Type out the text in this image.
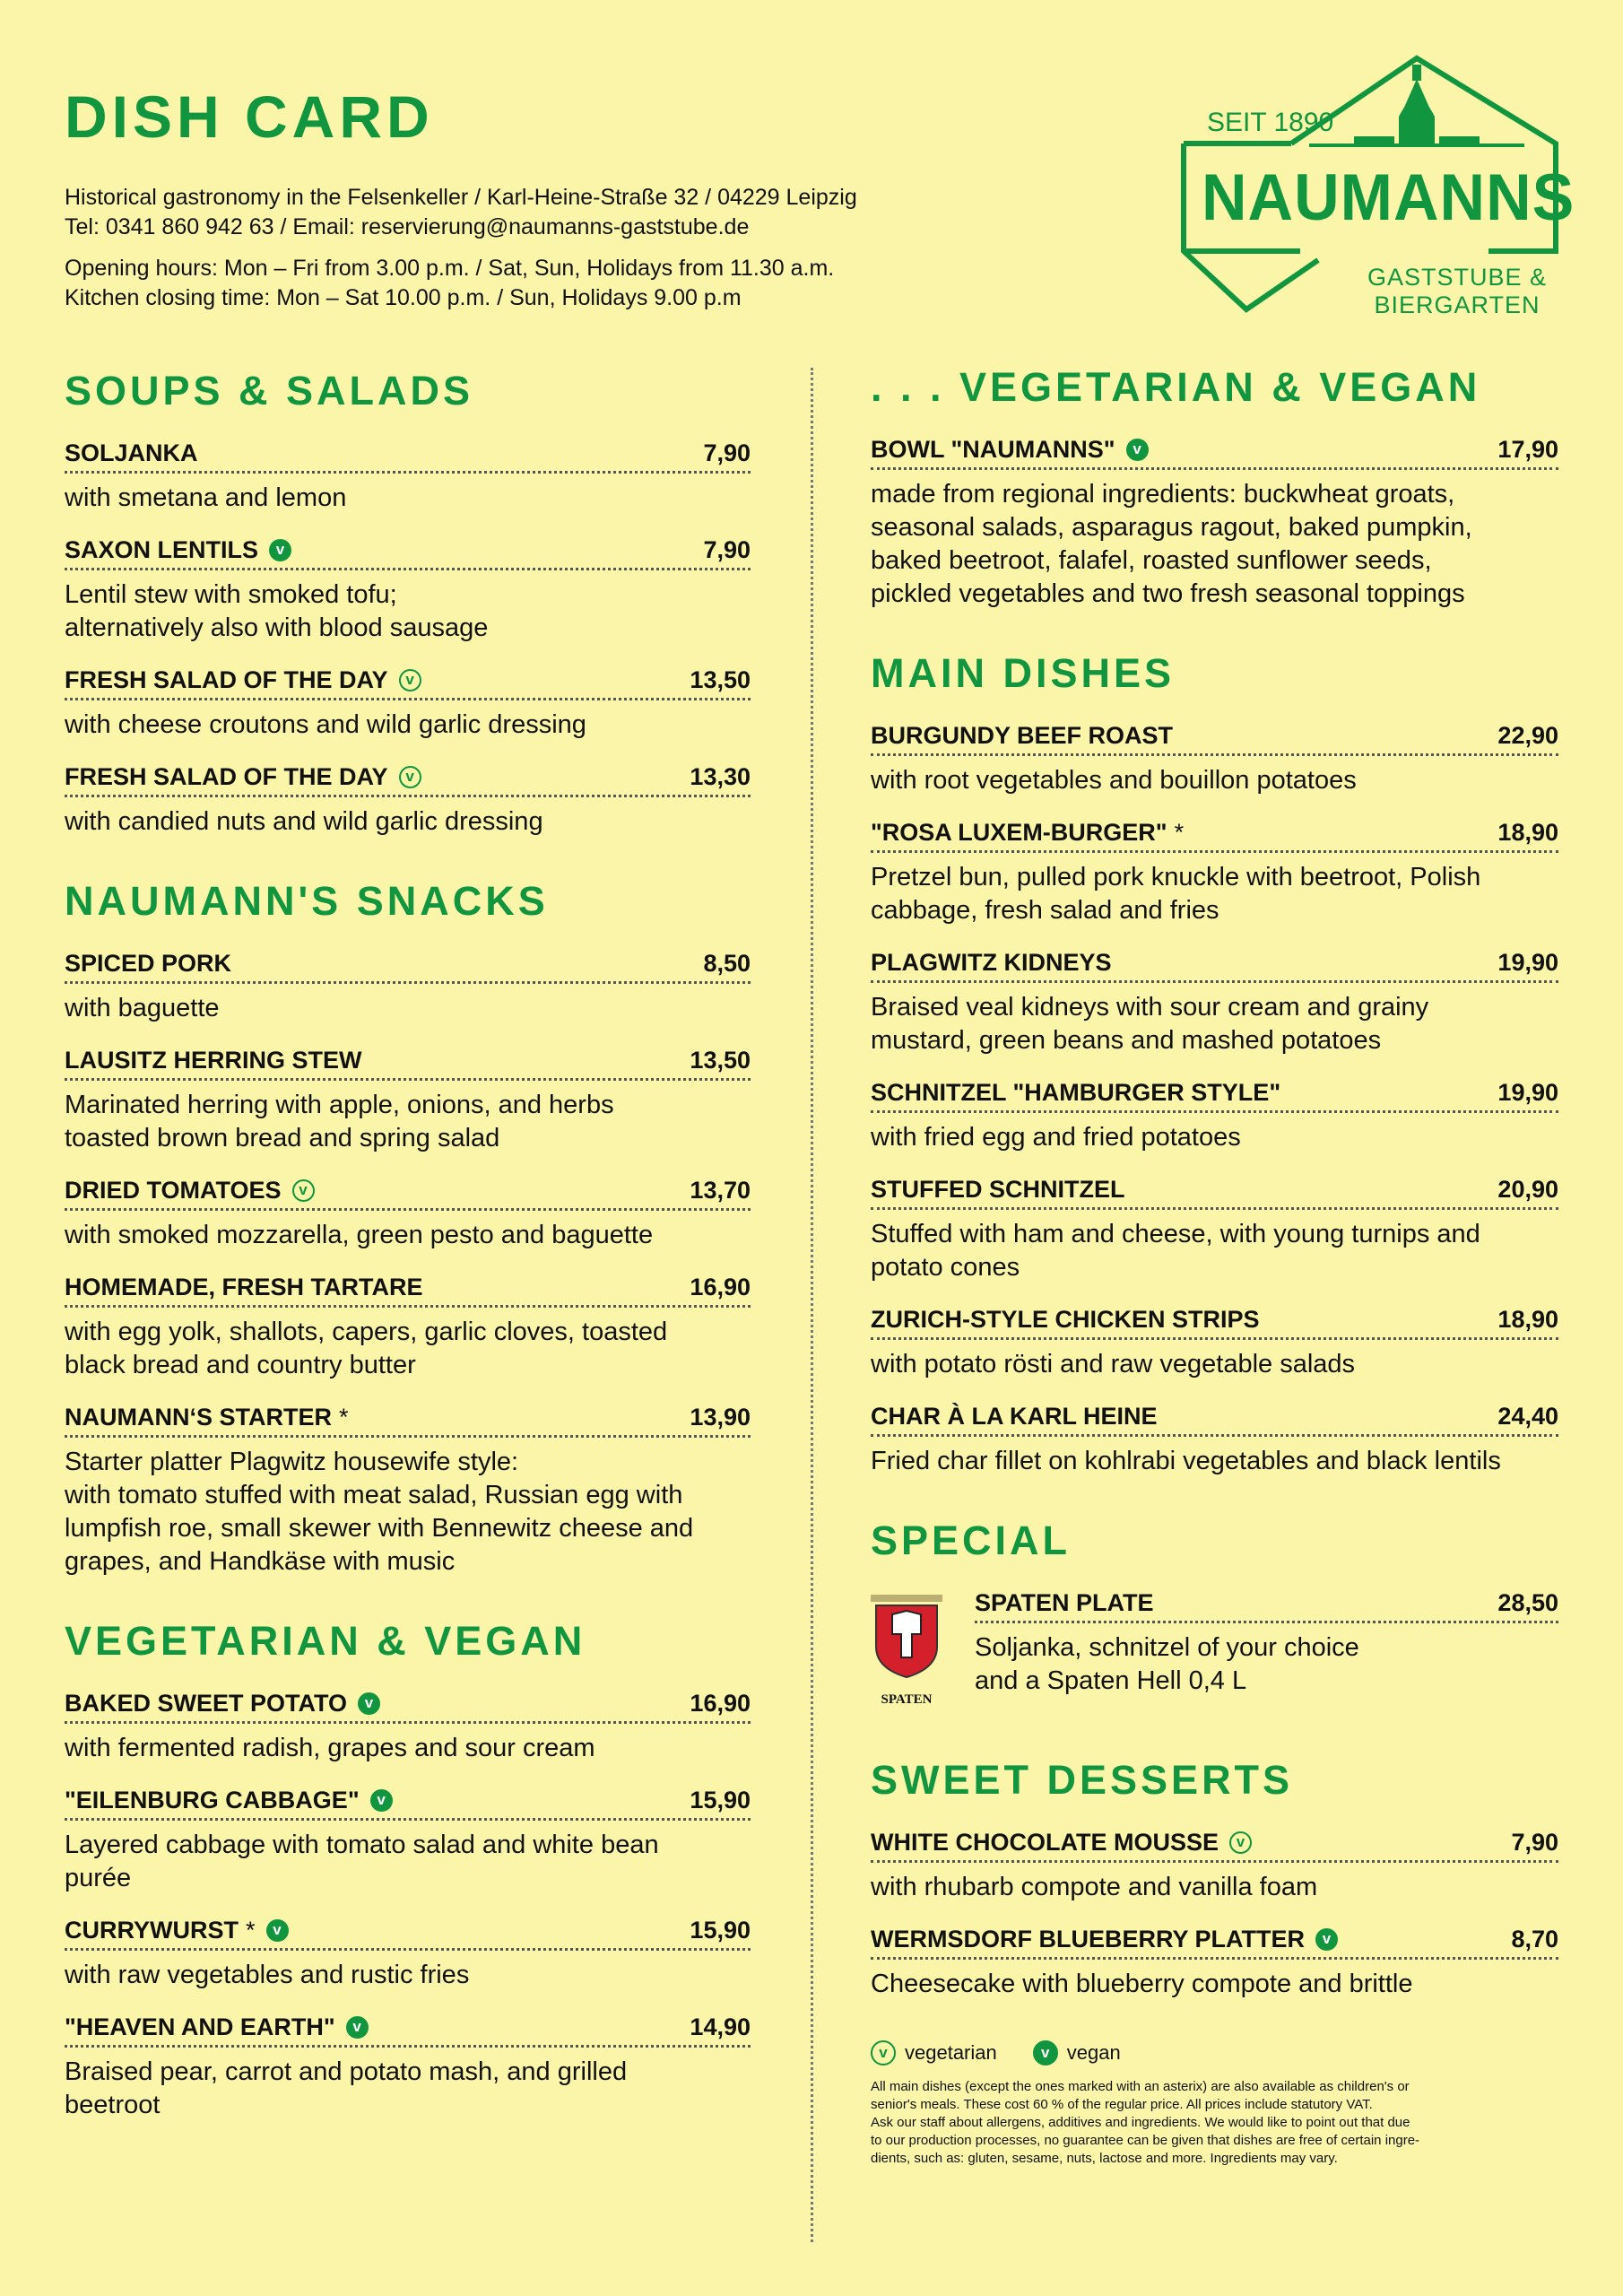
DISH CARD
Historical gastronomy in the Felsenkeller / Karl-Heine-Straße 32 / 04229 Leipzig
Tel: 0341 860 942 63 / Email: reservierung@naumanns-gaststube.de
Opening hours: Mon – Fri from 3.00 p.m. / Sat, Sun, Holidays from 11.30 a.m.
Kitchen closing time: Mon – Sat 10.00 p.m. / Sun, Holidays 9.00 p.m
SEIT 1890
NAUMANNS
GASTSTUBE &
BIERGARTEN
SOUPS & SALADS
SOLJANKA	7,90
with smetana and lemon
SAXON LENTILS	v	7,90
Lentil stew with smoked tofu;
alternatively also with blood sausage
FRESH SALAD OF THE DAY	v	13,50
with cheese croutons and wild garlic dressing
FRESH SALAD OF THE DAY	v	13,30
with candied nuts and wild garlic dressing
NAUMANN'S SNACKS
SPICED PORK	8,50
with baguette
LAUSITZ HERRING STEW	13,50
Marinated herring with apple, onions, and herbs
toasted brown bread and spring salad
DRIED TOMATOES	v	13,70
with smoked mozzarella, green pesto and baguette
HOMEMADE, FRESH TARTARE	16,90
with egg yolk, shallots, capers, garlic cloves, toasted
black bread and country butter
NAUMANN‘S STARTER *	13,90
Starter platter Plagwitz housewife style:
with tomato stuffed with meat salad, Russian egg with
lumpfish roe, small skewer with Bennewitz cheese and
grapes, and Handkäse with music
VEGETARIAN & VEGAN
BAKED SWEET POTATO	v	16,90
with fermented radish, grapes and sour cream
"EILENBURG CABBAGE"	v	15,90
Layered cabbage with tomato salad and white bean
purée
CURRYWURST *	v	15,90
with raw vegetables and rustic fries
"HEAVEN AND EARTH"	v	14,90
Braised pear, carrot and potato mash, and grilled
beetroot
. . . VEGETARIAN & VEGAN
BOWL "NAUMANNS"	v	17,90
made from regional ingredients: buckwheat groats,
seasonal salads, asparagus ragout, baked pumpkin,
baked beetroot, falafel, roasted sunflower seeds,
pickled vegetables and two fresh seasonal toppings
MAIN DISHES
BURGUNDY BEEF ROAST	22,90
with root vegetables and bouillon potatoes
"ROSA LUXEM-BURGER" *	18,90
Pretzel bun, pulled pork knuckle with beetroot, Polish
cabbage, fresh salad and fries
PLAGWITZ KIDNEYS	19,90
Braised veal kidneys with sour cream and grainy
mustard, green beans and mashed potatoes
SCHNITZEL "HAMBURGER STYLE"	19,90
with fried egg and fried potatoes
STUFFED SCHNITZEL	20,90
Stuffed with ham and cheese, with young turnips and
potato cones
ZURICH-STYLE CHICKEN STRIPS	18,90
with potato rösti and raw vegetable salads
CHAR À LA KARL HEINE	24,40
Fried char fillet on kohlrabi vegetables and black lentils
SPECIAL
SPATEN
SPATEN PLATE	28,50
Soljanka, schnitzel of your choice
and a Spaten Hell 0,4 L
SWEET DESSERTS
WHITE CHOCOLATE MOUSSE	v	7,90
with rhubarb compote and vanilla foam
WERMSDORF BLUEBERRY PLATTER	v	8,70
Cheesecake with blueberry compote and brittle
v vegetarian	v vegan
All main dishes (except the ones marked with an asterix) are also available as children's or
senior's meals. These cost 60 % of the regular price. All prices include statutory VAT.
Ask our staff about allergens, additives and ingredients. We would like to point out that due
to our production processes, no guarantee can be given that dishes are free of certain ingre-
dients, such as: gluten, sesame, nuts, lactose and more. Ingredients may vary.
